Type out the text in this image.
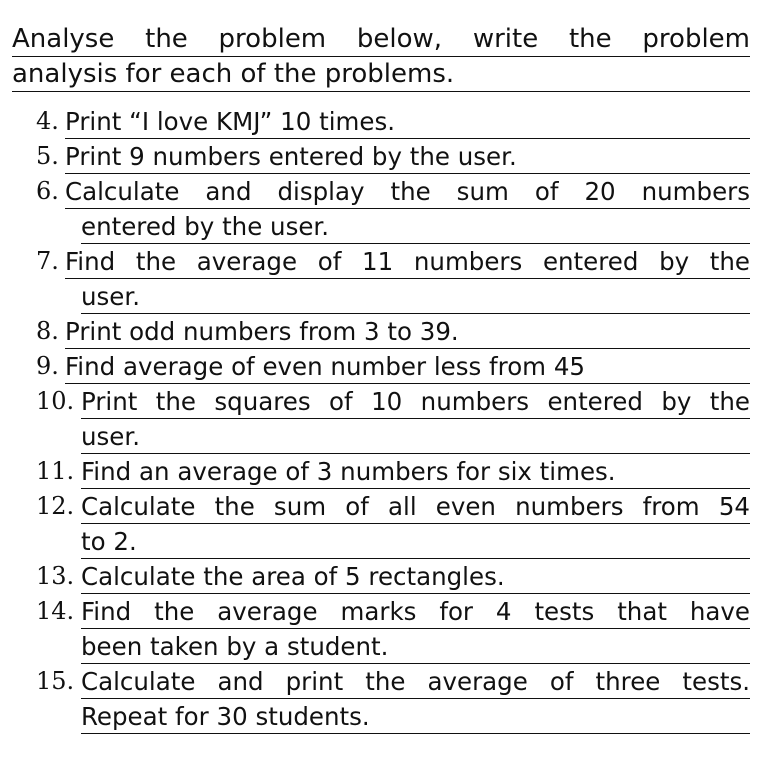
Analyse the problem below, write the problem
analysis for each of the problems.
4. Print “I love KMJ” 10 times.
5. Print 9 numbers entered by the user.
6. Calculate and display the sum of 20 numbers
entered by the user.
7. Find the average of 11 numbers entered by the
user.
8. Print odd numbers from 3 to 39.
9. Find average of even number less from 45
10. Print the squares of 10 numbers entered by the
user.
11. Find an average of 3 numbers for six times.
12. Calculate the sum of all even numbers from 54
to 2.
13. Calculate the area of 5 rectangles.
14. Find the average marks for 4 tests that have
been taken by a student.
15. Calculate and print the average of three tests.
Repeat for 30 students.
